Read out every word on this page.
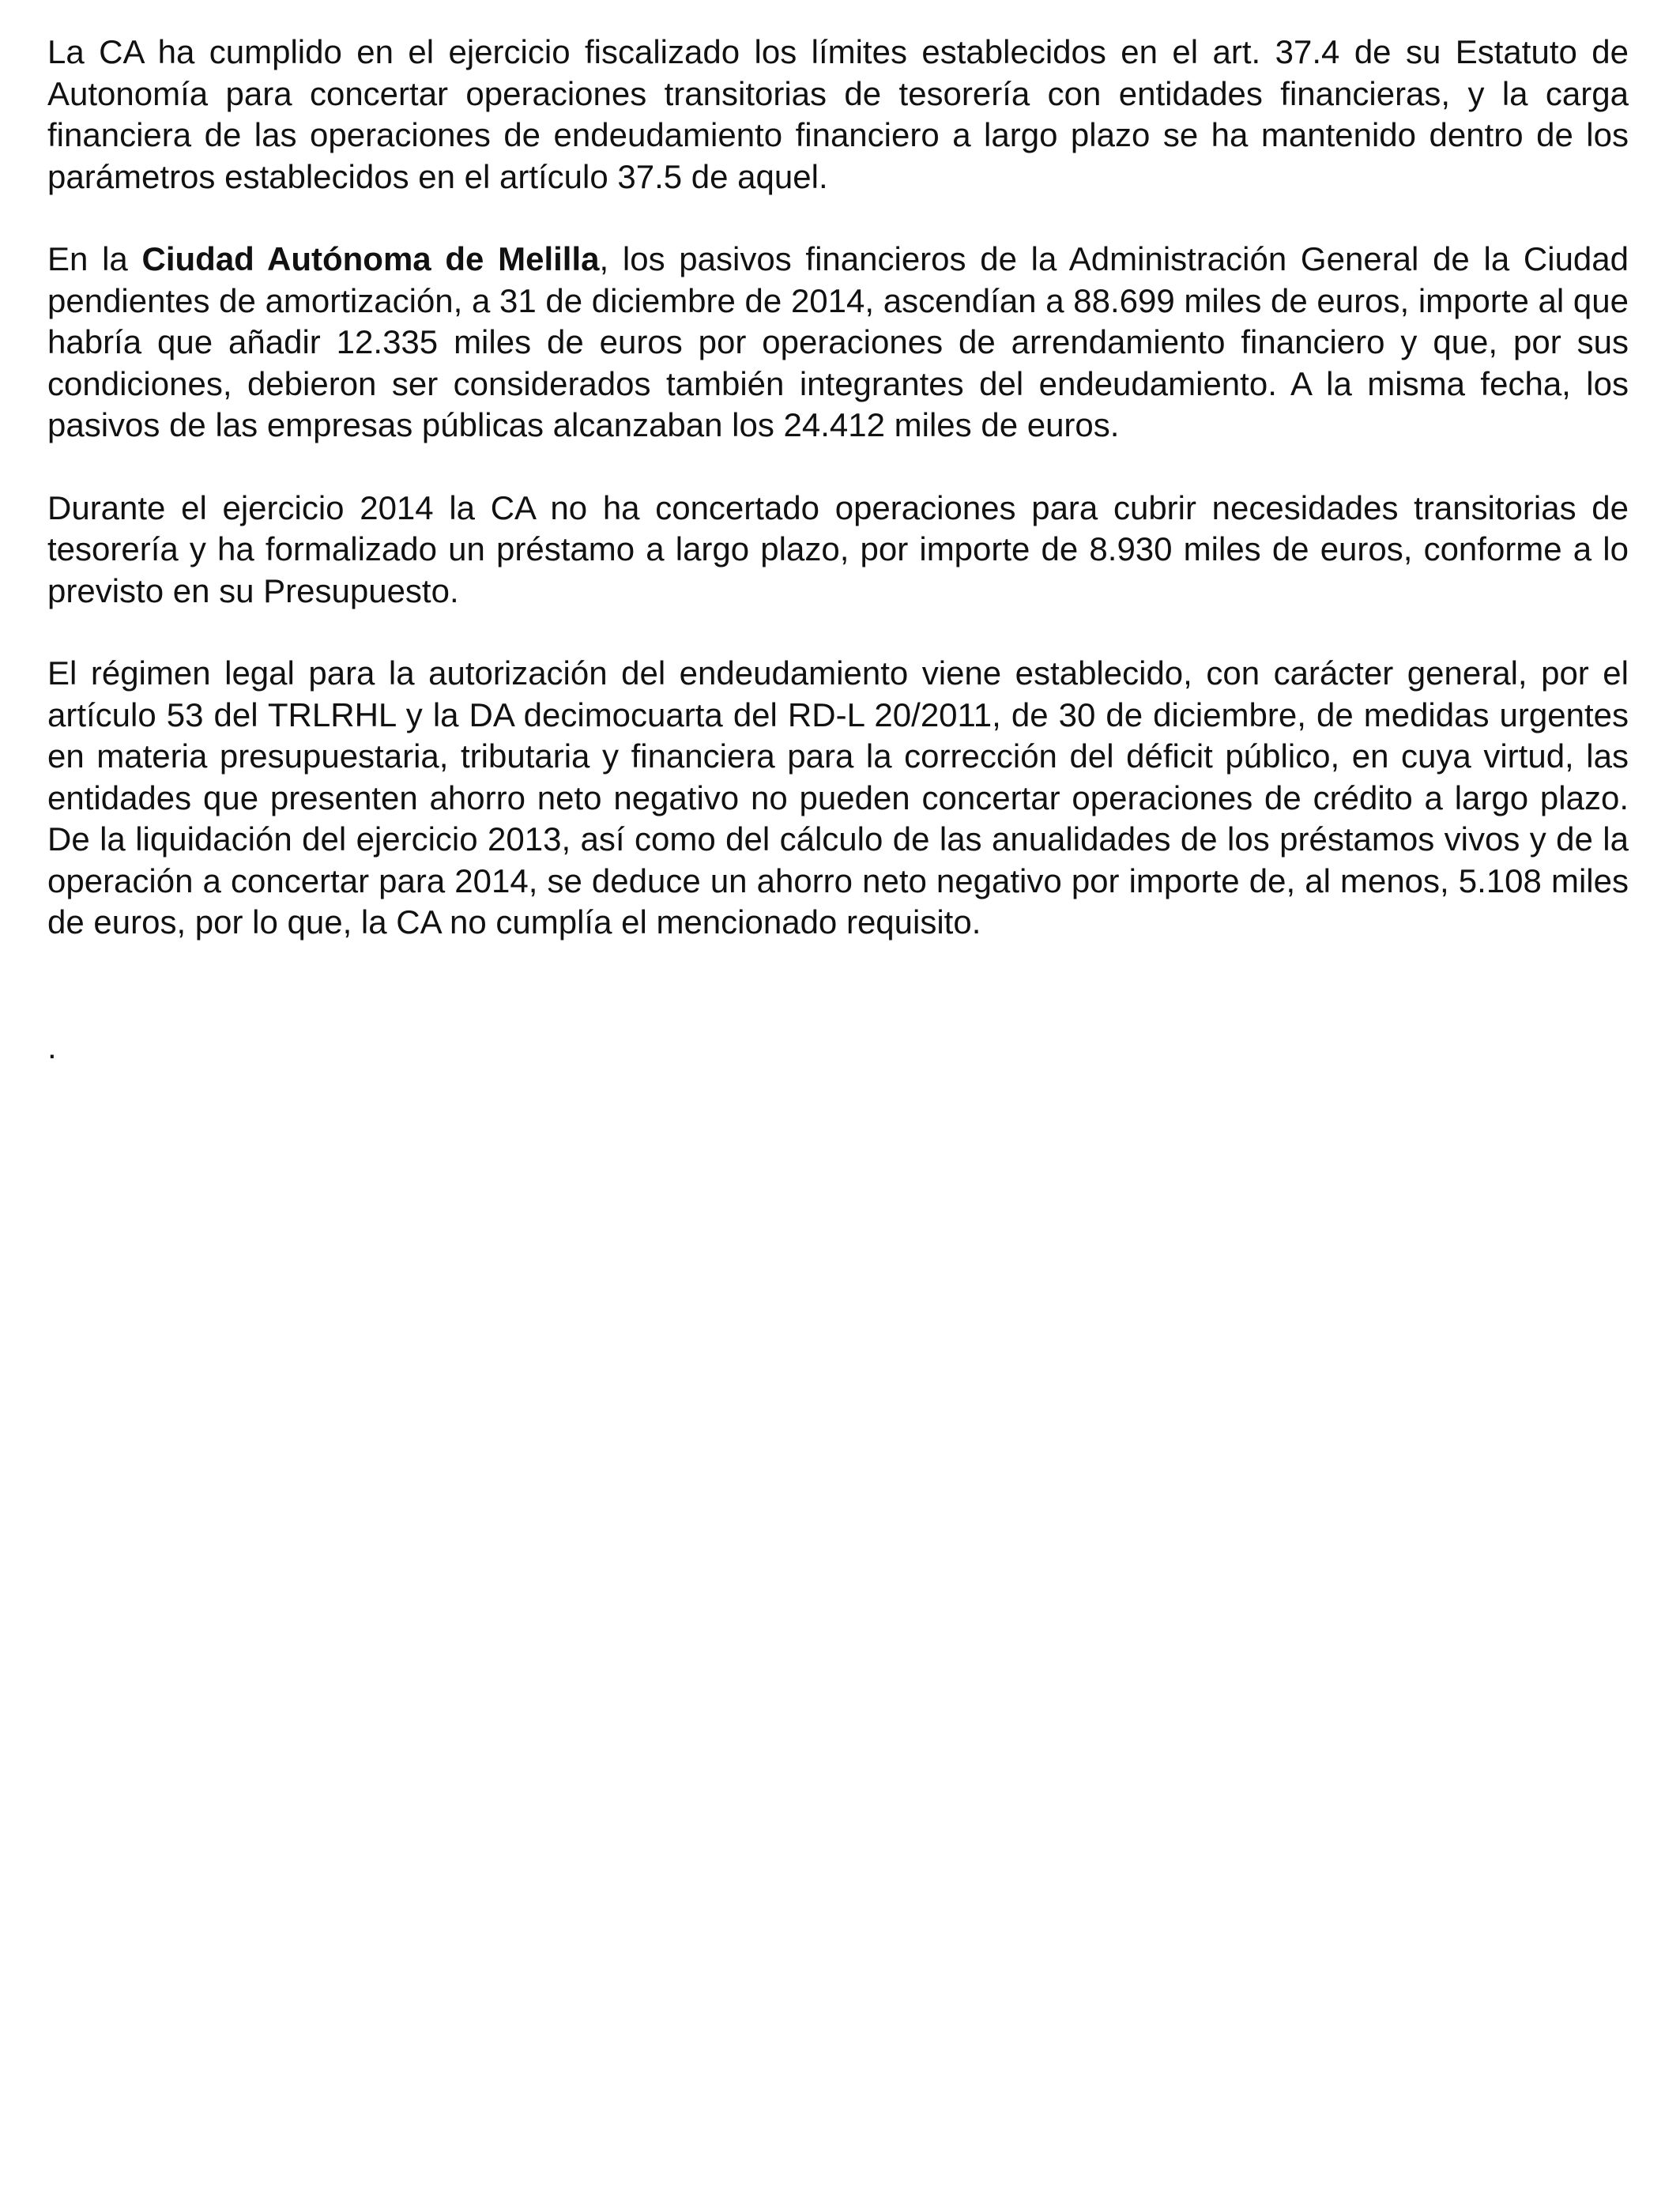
La CA ha cumplido en el ejercicio fiscalizado los límites establecidos en el art. 37.4 de su Estatuto de Autonomía para concertar operaciones transitorias de tesorería con entidades financieras, y la carga financiera de las operaciones de endeudamiento financiero a largo plazo se ha mantenido dentro de los parámetros establecidos en el artículo 37.5 de aquel.

En la Ciudad Autónoma de Melilla, los pasivos financieros de la Administración General de la Ciudad pendientes de amortización, a 31 de diciembre de 2014, ascendían a 88.699 miles de euros, importe al que habría que añadir 12.335 miles de euros por operaciones de arrendamiento financiero y que, por sus condiciones, debieron ser considerados también integrantes del endeudamiento. A la misma fecha, los pasivos de las empresas públicas alcanzaban los 24.412 miles de euros.

Durante el ejercicio 2014 la CA no ha concertado operaciones para cubrir necesidades transitorias de tesorería y ha formalizado un préstamo a largo plazo, por importe de 8.930 miles de euros, conforme a lo previsto en su Presupuesto.

El régimen legal para la autorización del endeudamiento viene establecido, con carácter general, por el artículo 53 del TRLRHL y la DA decimocuarta del RD-L 20/2011, de 30 de diciembre, de medidas urgentes en materia presupuestaria, tributaria y financiera para la corrección del déficit público, en cuya virtud, las entidades que presenten ahorro neto negativo no pueden concertar operaciones de crédito a largo plazo. De la liquidación del ejercicio 2013, así como del cálculo de las anualidades de los préstamos vivos y de la operación a concertar para 2014, se deduce un ahorro neto negativo por importe de, al menos, 5.108 miles de euros, por lo que, la CA no cumplía el mencionado requisito.

.
